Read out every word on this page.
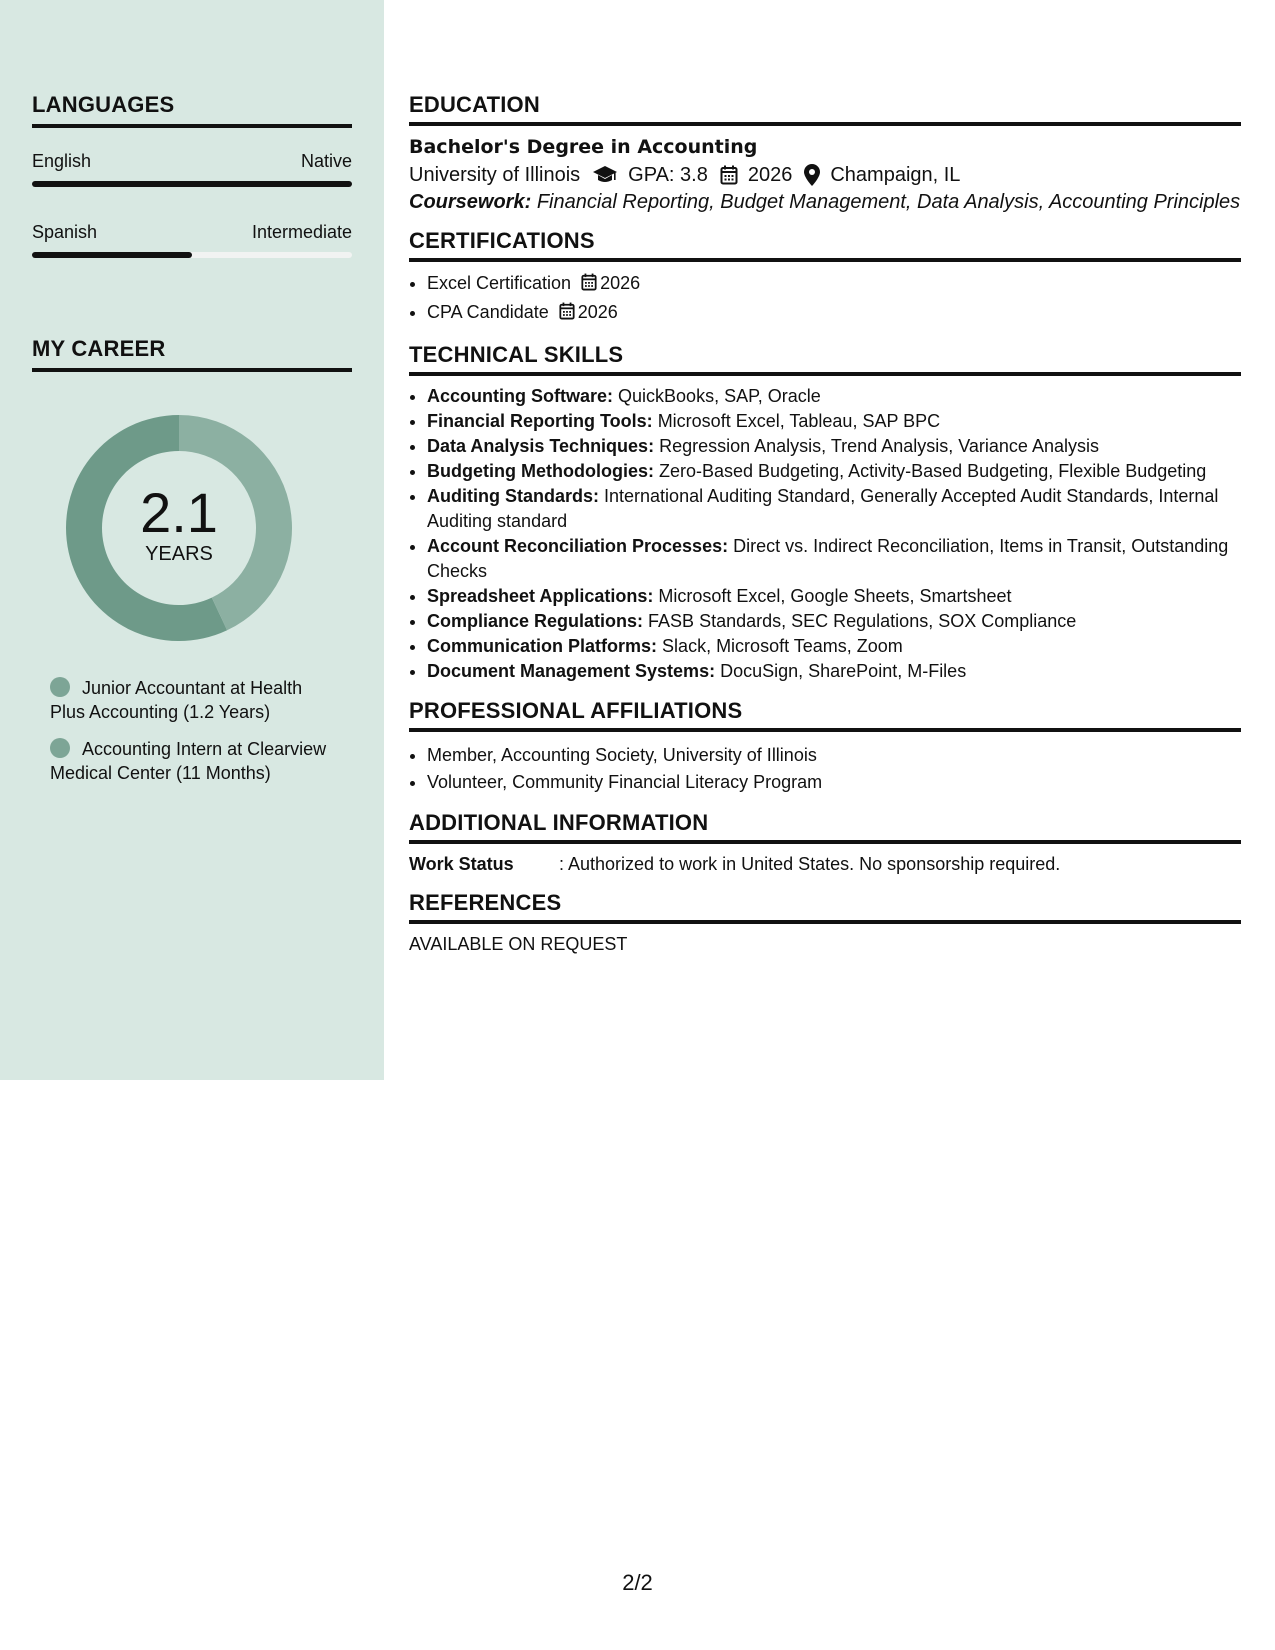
LANGUAGES
English	Native
Spanish	Intermediate
MY CAREER
2.1
YEARS
Junior Accountant at Health Plus Accounting (1.2 Years)
Accounting Intern at Clearview Medical Center (11 Months)
EDUCATION
Bachelor's Degree in Accounting
University of Illinois GPA: 3.8 2026 Champaign, IL
Coursework: Financial Reporting, Budget Management, Data Analysis, Accounting Principles
CERTIFICATIONS
• Excel Certification 2026
• CPA Candidate 2026
TECHNICAL SKILLS
• Accounting Software: QuickBooks, SAP, Oracle
• Financial Reporting Tools: Microsoft Excel, Tableau, SAP BPC
• Data Analysis Techniques: Regression Analysis, Trend Analysis, Variance Analysis
• Budgeting Methodologies: Zero-Based Budgeting, Activity-Based Budgeting, Flexible Budgeting
• Auditing Standards: International Auditing Standard, Generally Accepted Audit Standards, Internal Auditing standard
• Account Reconciliation Processes: Direct vs. Indirect Reconciliation, Items in Transit, Outstanding Checks
• Spreadsheet Applications: Microsoft Excel, Google Sheets, Smartsheet
• Compliance Regulations: FASB Standards, SEC Regulations, SOX Compliance
• Communication Platforms: Slack, Microsoft Teams, Zoom
• Document Management Systems: DocuSign, SharePoint, M-Files
PROFESSIONAL AFFILIATIONS
• Member, Accounting Society, University of Illinois
• Volunteer, Community Financial Literacy Program
ADDITIONAL INFORMATION
Work Status	: Authorized to work in United States. No sponsorship required.
REFERENCES
AVAILABLE ON REQUEST
2/2
